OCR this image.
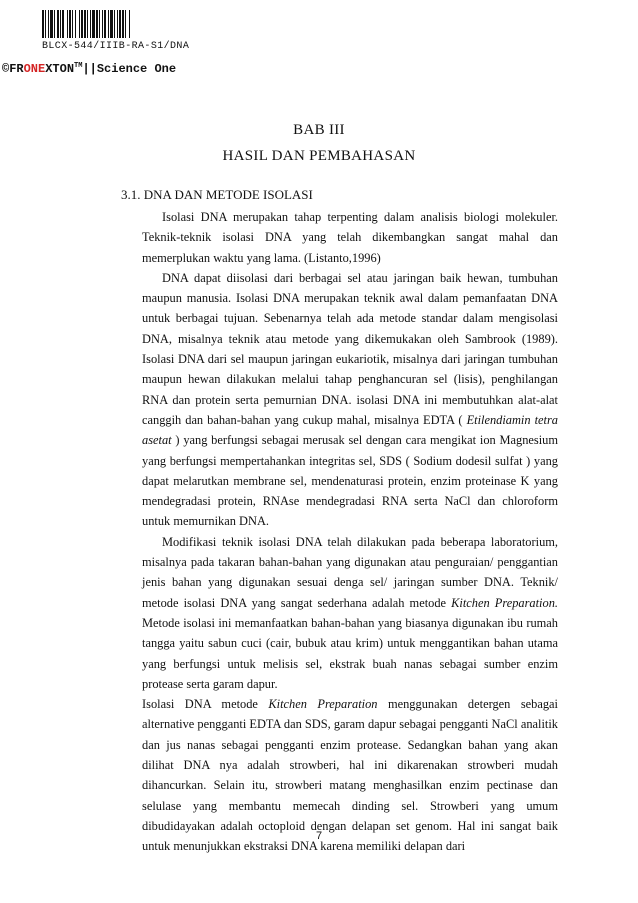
BLCX-544/IIIB-RA-S1/DNA
©FRONEXTON™||Science One
BAB III
HASIL DAN PEMBAHASAN
3.1. DNA DAN METODE ISOLASI

Isolasi DNA merupakan tahap terpenting dalam analisis biologi molekuler. Teknik-teknik isolasi DNA yang telah dikembangkan sangat mahal dan memerplukan waktu yang lama. (Listanto,1996)

DNA dapat diisolasi dari berbagai sel atau jaringan baik hewan, tumbuhan maupun manusia. Isolasi DNA merupakan teknik awal dalam pemanfaatan DNA untuk berbagai tujuan. Sebenarnya telah ada metode standar dalam mengisolasi DNA, misalnya teknik atau metode yang dikemukakan oleh Sambrook (1989). Isolasi DNA dari sel maupun jaringan eukariotik, misalnya dari jaringan tumbuhan maupun hewan dilakukan melalui tahap penghancuran sel (lisis), penghilangan RNA dan protein serta pemurnian DNA. isolasi DNA ini membutuhkan alat-alat canggih dan bahan-bahan yang cukup mahal, misalnya EDTA ( Etilendiamin tetra asetat ) yang berfungsi sebagai merusak sel dengan cara mengikat ion Magnesium yang berfungsi mempertahankan integritas sel, SDS ( Sodium dodesil sulfat ) yang dapat melarutkan membrane sel, mendenaturasi protein, enzim proteinase K yang mendegradasi protein, RNAse mendegradasi RNA serta NaCl dan chloroform untuk memurnikan DNA.

Modifikasi teknik isolasi DNA telah dilakukan pada beberapa laboratorium, misalnya pada takaran bahan-bahan yang digunakan atau penguraian/ penggantian jenis bahan yang digunakan sesuai denga sel/ jaringan sumber DNA. Teknik/ metode isolasi DNA yang sangat sederhana adalah metode Kitchen Preparation. Metode isolasi ini memanfaatkan bahan-bahan yang biasanya digunakan ibu rumah tangga yaitu sabun cuci (cair, bubuk atau krim) untuk menggantikan bahan utama yang berfungsi untuk melisis sel, ekstrak buah nanas sebagai sumber enzim protease serta garam dapur.

Isolasi DNA metode Kitchen Preparation menggunakan detergen sebagai alternative pengganti EDTA dan SDS, garam dapur sebagai pengganti NaCl analitik dan jus nanas sebagai pengganti enzim protease. Sedangkan bahan yang akan dilihat DNA nya adalah strowberi, hal ini dikarenakan strowberi mudah dihancurkan. Selain itu, strowberi matang menghasilkan enzim pectinase dan selulase yang membantu memecah dinding sel. Strowberi yang umum dibudidayakan adalah octoploid dengan delapan set genom. Hal ini sangat baik untuk menunjukkan ekstraksi DNA karena memiliki delapan dari

7
